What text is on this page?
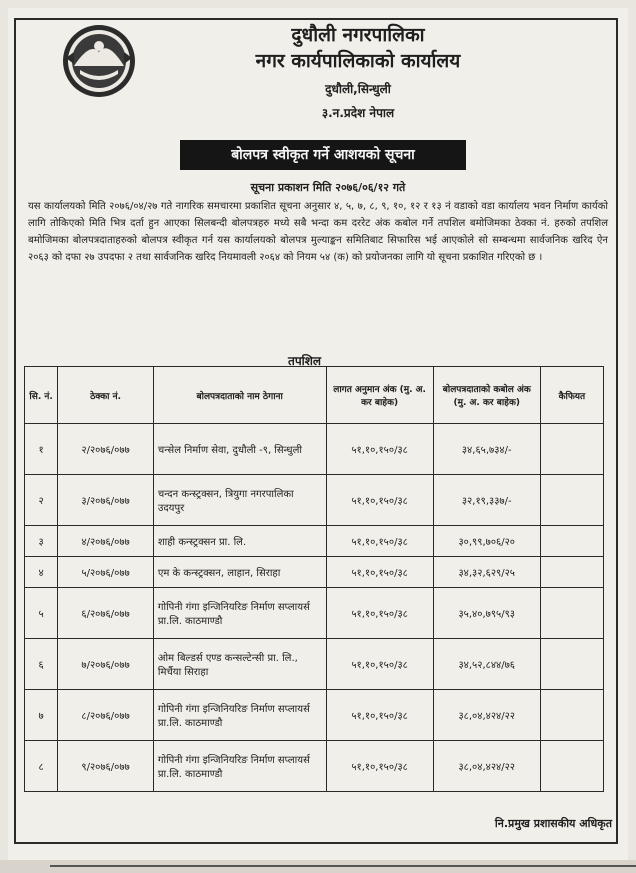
दुधौली नगरपालिका
नगर कार्यपालिकाको कार्यालय
दुधौली,सिन्धुली
३.न.प्रदेश नेपाल
बोलपत्र स्वीकृत गर्ने आशयको सूचना
सूचना प्रकाशन मिति २०७६/०६/१२ गते
यस कार्यालयको मिति २०७६/०४/२७ गते नागरिक समचारमा प्रकाशित सूचना अनुसार ४, ५, ७, ८, ९, १०, १२ र १३ नं वडाको वडा कार्यालय भवन निर्माण कार्यको लागि तोकिएको मिति भित्र दर्ता हुन आएका सिलबन्दी बोलपत्रहरु मध्ये सबै भन्दा कम दररेट अंक कबोल गर्ने तपशिल बमोजिमका ठेक्का नं. हरुको तपशिल बमोजिमका बोलपत्रदाताहरुको बोलपत्र स्वीकृत गर्न यस कार्यालयको बोलपत्र मुल्याङ्कन समितिबाट सिफारिस भई आएकोले सो सम्बन्धमा सार्वजनिक खरिद ऐन २०६३ को दफा २७ उपदफा २ तथा सार्वजनिक खरिद नियमावली २०६४ को नियम ५४ (क) को प्रयोजनका लागि यो सूचना प्रकाशित गरिएको छ ।
तपशिल
सि. नं.	ठेक्का नं.	बोलपत्रदाताको नाम ठेगाना	लागत अनुमान अंक (मु. अ. कर बाहेक)	बोलपत्रदाताको कबोल अंक (मु. अ. कर बाहेक)	कैफियत
१	२/२०७६/०७७	चन्सेल निर्माण सेवा, दुधौली -९, सिन्धुली	५१,१०,१५०/३८	३४,६५,७३४/-	
२	३/२०७६/०७७	चन्दन कन्स्ट्रक्सन, त्रियुगा नगरपालिका उदयपुर	५१,१०,१५०/३८	३२,१९,३३७/-	
३	४/२०७६/०७७	शाही कन्स्ट्रक्सन प्रा. लि.	५१,१०,१५०/३८	३०,९९,७०६/२०	
४	५/२०७६/०७७	एम के कन्स्ट्रक्सन, लाहान, सिराहा	५१,१०,१५०/३८	३४,३२,६२९/२५	
५	६/२०७६/०७७	गोपिनी गंगा इन्जिनियरिङ निर्माण सप्लायर्स प्रा.लि. काठमाण्डौ	५१,१०,१५०/३८	३५,४०,७९५/९३	
६	७/२०७६/०७७	ओम बिल्डर्स एण्ड कन्सल्टेन्सी प्रा. लि., मिर्चैया सिराहा	५१,१०,१५०/३८	३४,५२,८४४/७६	
७	८/२०७६/०७७	गोपिनी गंगा इन्जिनियरिङ निर्माण सप्लायर्स प्रा.लि. काठमाण्डौ	५१,१०,१५०/३८	३८,०४,४२४/२२	
८	९/२०७६/०७७	गोपिनी गंगा इन्जिनियरिङ निर्माण सप्लायर्स प्रा.लि. काठमाण्डौ	५१,१०,१५०/३८	३८,०४,४२४/२२	
नि.प्रमुख प्रशासकीय अधिकृत
